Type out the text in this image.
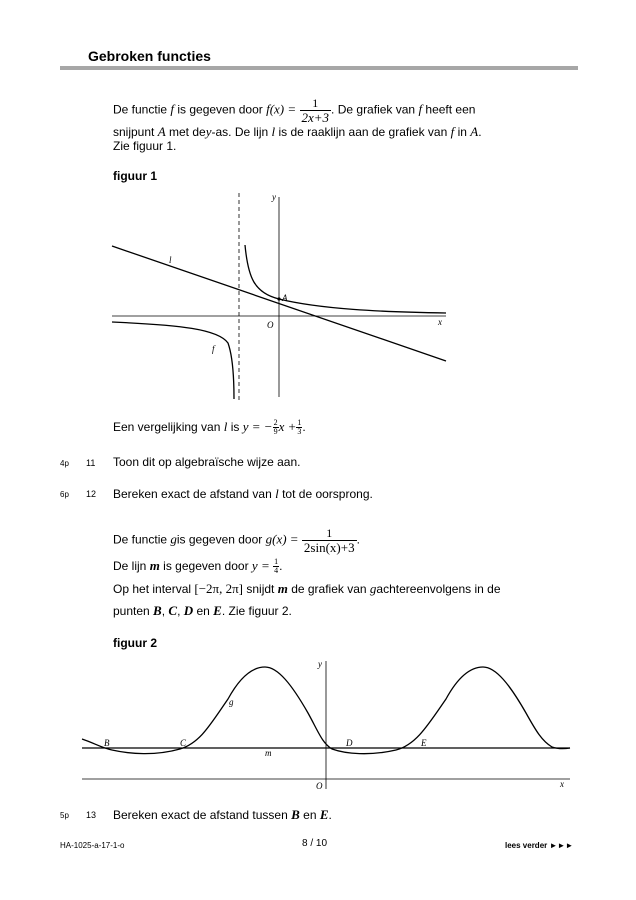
Gebroken functies
De functie f is gegeven door $f(x) = \frac{1}{2x+3}$ . De grafiek van f heeft een
snijpunt A met dey-as. De lijn l is de raaklijn aan de grafiek van f in A.
Zie figuur 1.
figuur 1
y
x
O
A
l
f
Een vergelijking van l is y = − $\frac{2}{9}$ $x + \frac{1}{3}$ .
4p 11 Toon dit op algebraïsche wijze aan.
6p 12 Bereken exact de afstand van l tot de oorsprong.
De functie gis gegeven door $g(x) = \frac{1}{2\sin(x)+3}$ .
De lijn m is gegeven door $y = \frac{1}{4}$ .
Op het interval [−2π, 2π] snijdt m de grafiek van gachtereenvolgens in de
punten B, C, D en E. Zie figuur 2.
figuur 2
y
x
O
g
m
B	C	D	E
5p 13 Bereken exact de afstand tussen B en E.
HA-1025-a-17-1-o	8 / 10	lees verder ►►►
